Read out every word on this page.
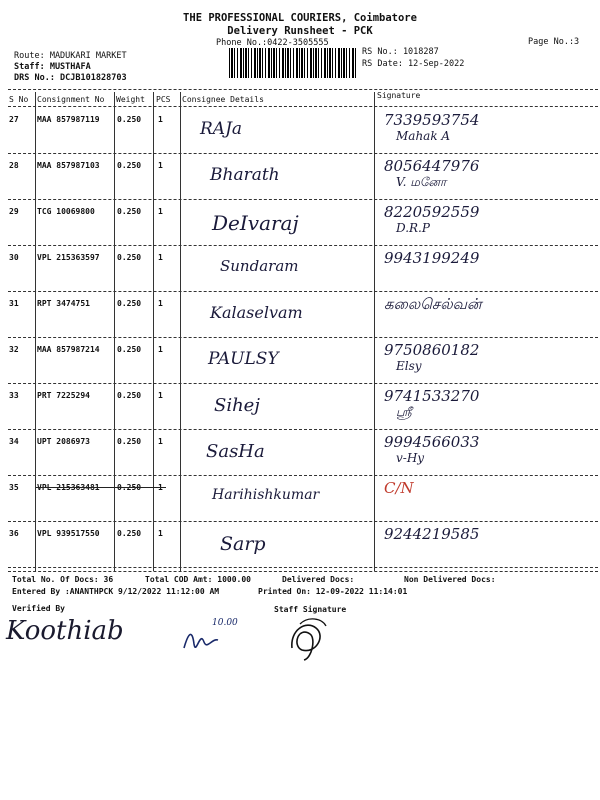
THE PROFESSIONAL COURIERS, Coimbatore
Delivery Runsheet - PCK
Phone No.:0422-3505555	Page No.:3
Route: MADUKARI MARKET
Staff: MUSTHAFA
DRS No.: DCJB101828703
RS No.: 1018287
RS Date: 12-Sep-2022
S No Consignment No Weight PCS Consignee Details	Signature
27 MAA 857987119 0.250 1 RAJa	7339593754
Mahak A
28 MAA 857987103 0.250 1	Bharath	8056447976
V. மனோ
29 TCG 10069800	0.250 1 DeIvaraj	8220592559
D.R.P
30 VPL 215363597 0.250 1	Sundaram	9943199249
31 RPT 3474751	0.250 1	Kalaselvam	கலைசெல்வன்
32 MAA 857987214 0.250 1	PAULSY	9750860182
Elsy
33 PRT 7225294	0.250 1	Sihej	9741533270
ஸ்ரீ
34 UPT 2086973	0.250 1 SasHa	9994566033
v-Hy
35 VPL 215363481 0.250 1	Harihishkumar	C/N
36 VPL 939517550 0.250 1	Sarp	9244219585
Total No. Of Docs: 36	Total COD Amt: 1000.00	Delivered Docs:	Non Delivered Docs:
Entered By :ANANTHPCK 9/12/2022 11:12:00 AM	Printed On: 12-09-2022 11:14:01
Verified By	Staff Signature
Koothiab	10.00
